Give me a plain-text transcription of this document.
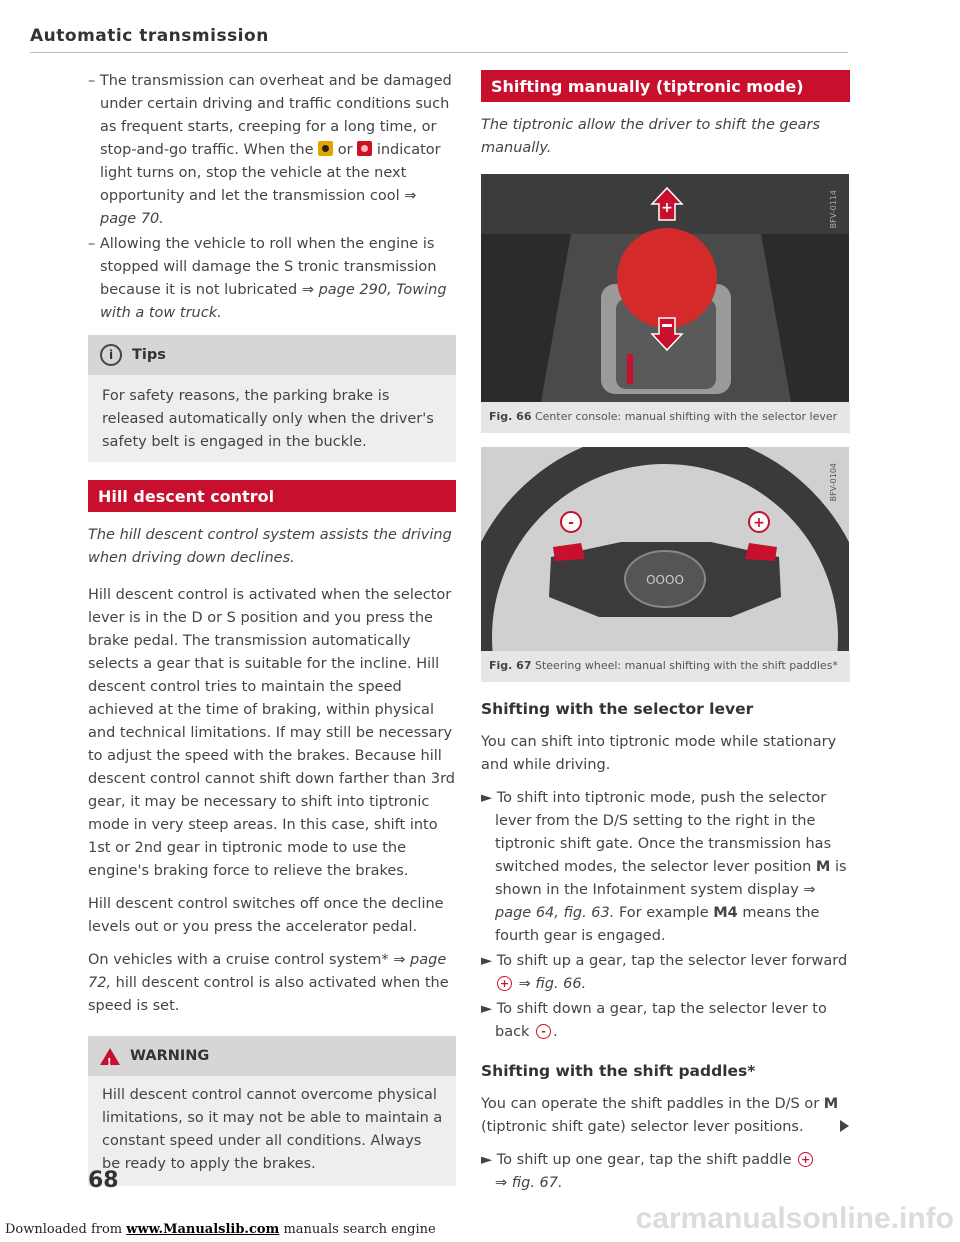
Automatic transmission

– The transmission can overheat and be damaged under certain driving and traffic conditions such as frequent starts, creeping for a long time, or stop-and-go traffic. When the or indicator light turns on, stop the vehicle at the next opportunity and let the transmission cool ⇒ page 70.

– Allowing the vehicle to roll when the engine is stopped will damage the S tronic transmission because it is not lubricated ⇒ page 290, Towing with a tow truck.

i	Tips
For safety reasons, the parking brake is released automatically only when the driver's safety belt is engaged in the buckle.
Hill descent control
The hill descent control system assists the driving when driving down declines.

Hill descent control is activated when the selector lever is in the D or S position and you press the brake pedal. The transmission automatically selects a gear that is suitable for the incline. Hill descent control tries to maintain the speed achieved at the time of braking, within physical and technical limitations. If may still be necessary to adjust the speed with the brakes. Because hill descent control cannot shift down farther than 3rd gear, it may be necessary to shift into tiptronic mode in very steep areas. In this case, shift into 1st or 2nd gear in tiptronic mode to use the engine's braking force to relieve the brakes.

Hill descent control switches off once the decline levels out or you press the accelerator pedal.

On vehicles with a cruise control system* ⇒ page 72, hill descent control is also activated when the speed is set.

!
WARNING
Hill descent control cannot overcome physical limitations, so it may not be able to maintain a constant speed under all conditions. Always be ready to apply the brakes.
68
Shifting manually (tiptronic mode)
The tiptronic allow the driver to shift the gears manually.
+	BFV-0114
Fig. 66 Center console: manual shifting with the selector lever
OOOO
-	+
BFV-0104
Fig. 67 Steering wheel: manual shifting with the shift paddles*
Shifting with the selector lever

You can shift into tiptronic mode while stationary and while driving.

► To shift into tiptronic mode, push the selector lever from the D/S setting to the right in the tiptronic shift gate. Once the transmission has switched modes, the selector lever position M is shown in the Infotainment system display ⇒ page 64, fig. 63. For example M4 means the fourth gear is engaged.

► To shift up a gear, tap the selector lever forward + ⇒ fig. 66.

► To shift down a gear, tap the selector lever to back - .

Shifting with the shift paddles*

You can operate the shift paddles in the D/S or M (tiptronic shift gate) selector lever positions.

► To shift up one gear, tap the shift paddle +
⇒ fig. 67.

Downloaded from www.Manualslib.com manuals search engine	carmanualsonline.info
